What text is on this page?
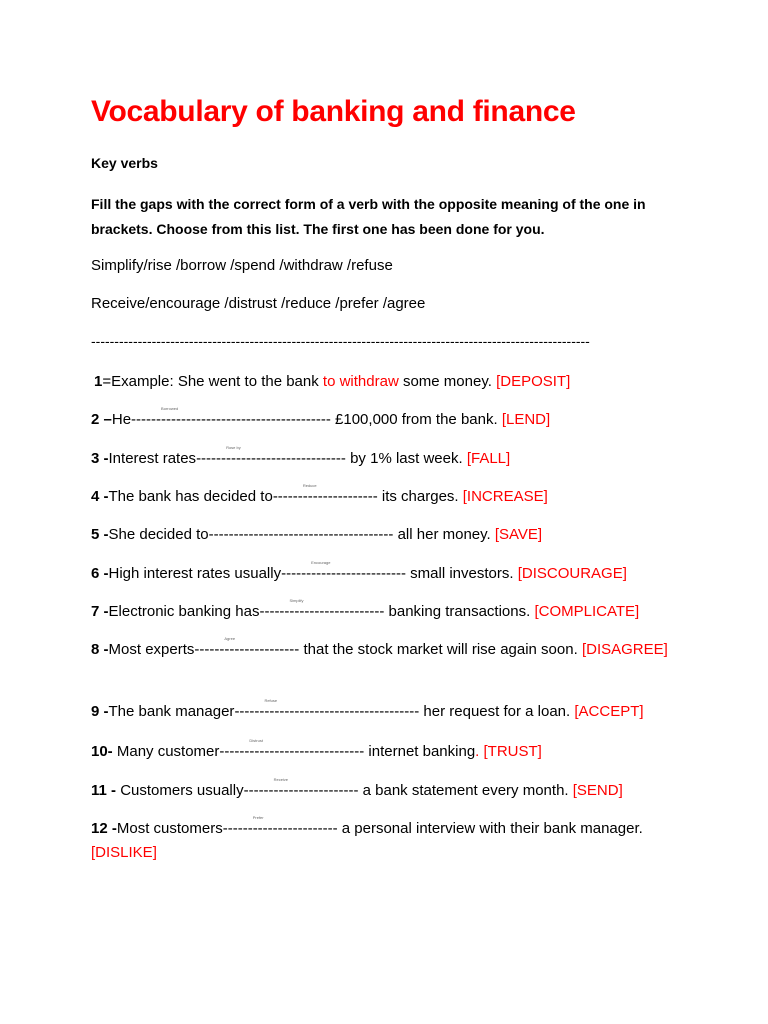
Vocabulary of banking and finance
Key verbs
Fill the gaps with the correct form of a verb with the opposite meaning of the one in brackets. Choose from this list. The first one has been done for you.
Simplify/rise /borrow /spend /withdraw /refuse
Receive/encourage /distrust /reduce /prefer /agree
-----------------------------------------------------------------------------------------------------------
1=Example: She went to the bank to withdraw some money. [DEPOSIT]
2 –He----------------------------------------
Borrowed
£100,000 from the bank. [LEND]
3 -Interest rates------------------------------
Rose by
by 1% last week. [FALL]
4 -The bank has decided to---------------------
Reduce
its charges. [INCREASE]
5 -She decided to------------------------------------- all her money. [SAVE]
6 -High interest rates usually-------------------------
Encourage
small investors. [DISCOURAGE]
7 -Electronic banking has-------------------------
Simplify
banking transactions. [COMPLICATE]
8 -Most experts---------------------
Agree
that the stock market will rise again soon. [DISAGREE]
9 -The bank manager-------------------------------------
Refuse
her request for a loan. [ACCEPT]
10- Many customer-----------------------------
Distrust
internet banking. [TRUST]
11 - Customers usually-----------------------
Receive
a bank statement every month. [SEND]
12 -Most customers-----------------------
Prefer
a personal interview with their bank manager. [DISLIKE]
